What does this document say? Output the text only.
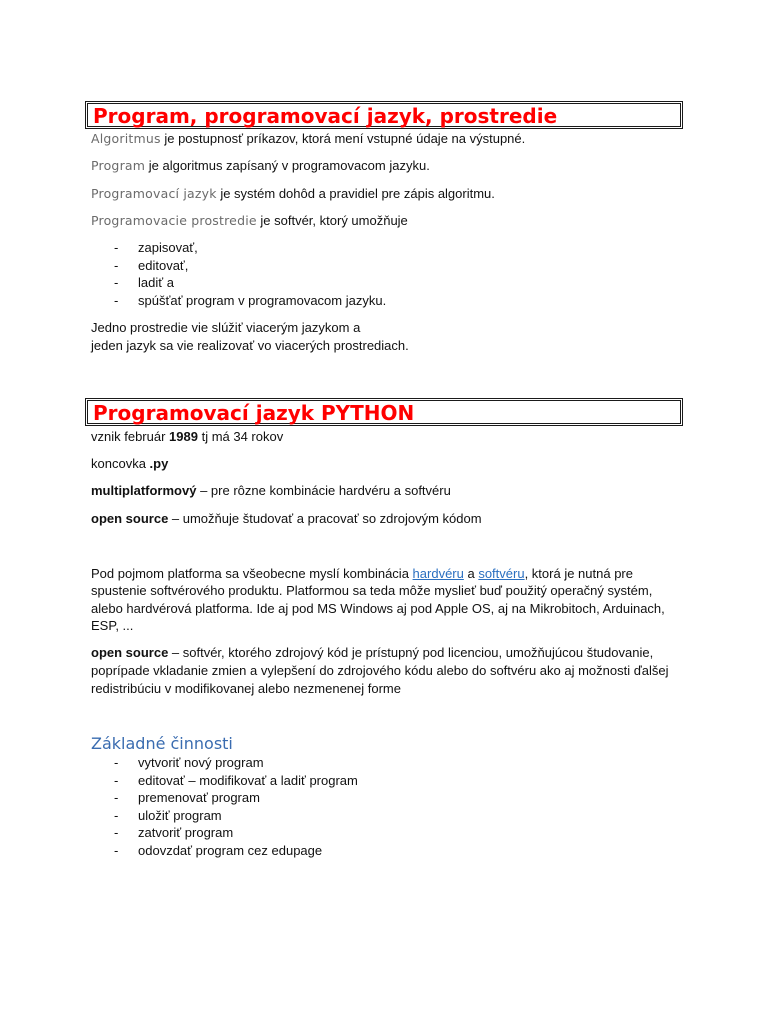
Program, programovací jazyk, prostredie
Algoritmus je postupnosť príkazov, ktorá mení vstupné údaje na výstupné.
Program je algoritmus zapísaný v programovacom jazyku.
Programovací jazyk je systém dohôd a pravidiel pre zápis algoritmu.
Programovacie prostredie je softvér, ktorý umožňuje
- zapisovať,
- editovať,
- ladiť a
- spúšťať program v programovacom jazyku.
Jedno prostredie vie slúžiť viacerým jazykom a
jeden jazyk sa vie realizovať vo viacerých prostrediach.
Programovací jazyk PYTHON
vznik február 1989 tj má 34 rokov
koncovka .py
multiplatformový – pre rôzne kombinácie hardvéru a softvéru
open source – umožňuje študovať a pracovať so zdrojovým kódom
Pod pojmom platforma sa všeobecne myslí kombinácia hardvéru a softvéru, ktorá je nutná pre
spustenie softvérového produktu. Platformou sa teda môže myslieť buď použitý operačný systém,
alebo hardvérová platforma. Ide aj pod MS Windows aj pod Apple OS, aj na Mikrobitoch, Arduinach,
ESP, ...
open source – softvér, ktorého zdrojový kód je prístupný pod licenciou, umožňujúcou študovanie,
poprípade vkladanie zmien a vylepšení do zdrojového kódu alebo do softvéru ako aj možnosti ďalšej
redistribúciu v modifikovanej alebo nezmenenej forme
Základné činnosti
- vytvoriť nový program
- editovať – modifikovať a ladiť program
- premenovať program
- uložiť program
- zatvoriť program
- odovzdať program cez edupage
